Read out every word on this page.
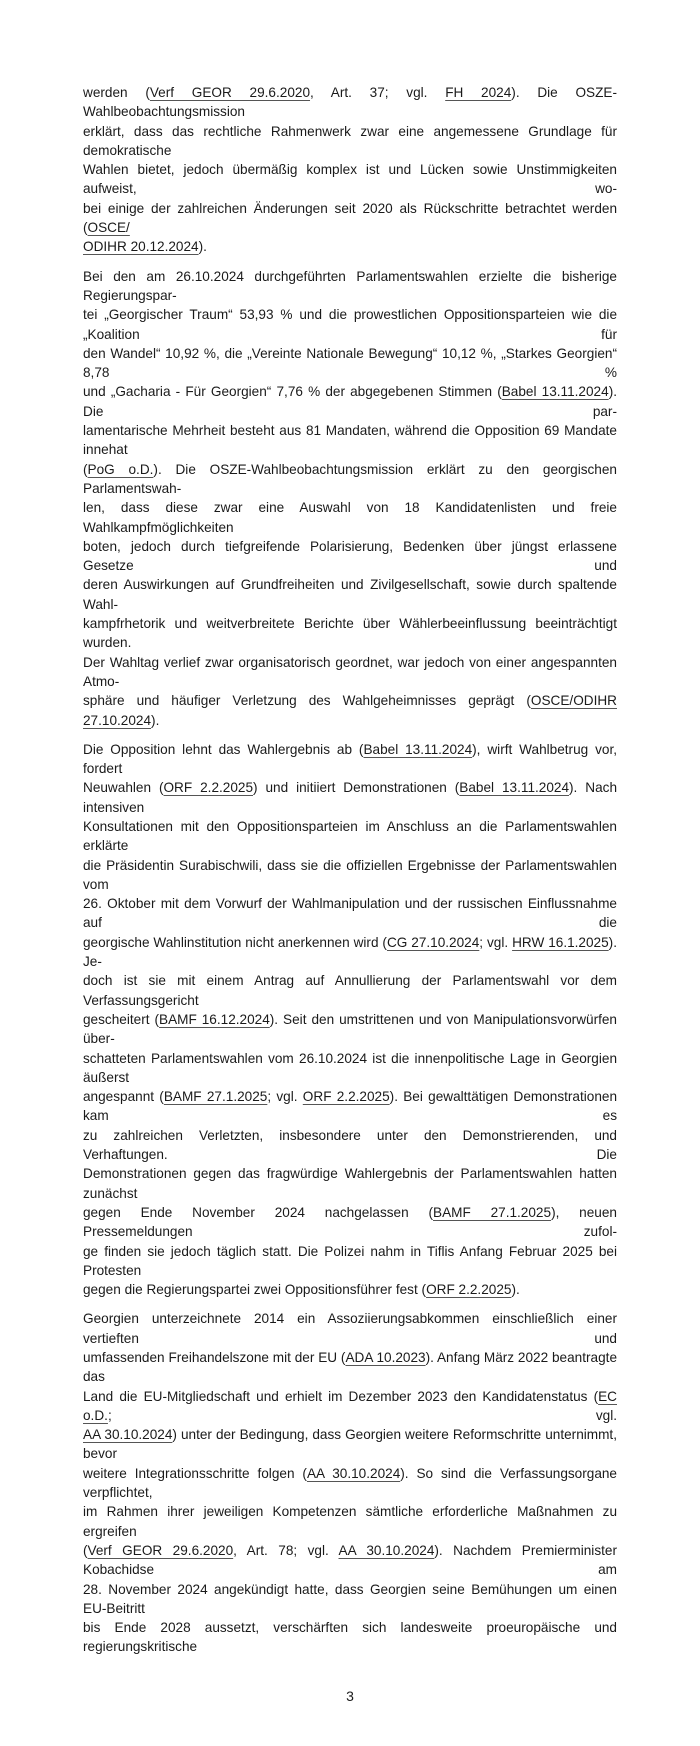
werden (Verf GEOR 29.6.2020, Art. 37; vgl. FH 2024). Die OSZE-Wahlbeobachtungsmission
erklärt, dass das rechtliche Rahmenwerk zwar eine angemessene Grundlage für demokratische
Wahlen bietet, jedoch übermäßig komplex ist und Lücken sowie Unstimmigkeiten aufweist, wo-
bei einige der zahlreichen Änderungen seit 2020 als Rückschritte betrachtet werden (OSCE/
ODIHR 20.12.2024).
Bei den am 26.10.2024 durchgeführten Parlamentswahlen erzielte die bisherige Regierungspar-
tei „Georgischer Traum“ 53,93 % und die prowestlichen Oppositionsparteien wie die „Koalition für
den Wandel“ 10,92 %, die „Vereinte Nationale Bewegung“ 10,12 %, „Starkes Georgien“ 8,78 %
und „Gacharia - Für Georgien“ 7,76 % der abgegebenen Stimmen (Babel 13.11.2024). Die par-
lamentarische Mehrheit besteht aus 81 Mandaten, während die Opposition 69 Mandate innehat
(PoG o.D.). Die OSZE-Wahlbeobachtungsmission erklärt zu den georgischen Parlamentswah-
len, dass diese zwar eine Auswahl von 18 Kandidatenlisten und freie Wahlkampfmöglichkeiten
boten, jedoch durch tiefgreifende Polarisierung, Bedenken über jüngst erlassene Gesetze und
deren Auswirkungen auf Grundfreiheiten und Zivilgesellschaft, sowie durch spaltende Wahl-
kampfrhetorik und weitverbreitete Berichte über Wählerbeeinflussung beeinträchtigt wurden.
Der Wahltag verlief zwar organisatorisch geordnet, war jedoch von einer angespannten Atmo-
sphäre und häufiger Verletzung des Wahlgeheimnisses geprägt (OSCE/ODIHR 27.10.2024).
Die Opposition lehnt das Wahlergebnis ab (Babel 13.11.2024), wirft Wahlbetrug vor, fordert
Neuwahlen (ORF 2.2.2025) und initiiert Demonstrationen (Babel 13.11.2024). Nach intensiven
Konsultationen mit den Oppositionsparteien im Anschluss an die Parlamentswahlen erklärte
die Präsidentin Surabischwili, dass sie die offiziellen Ergebnisse der Parlamentswahlen vom
26. Oktober mit dem Vorwurf der Wahlmanipulation und der russischen Einflussnahme auf die
georgische Wahlinstitution nicht anerkennen wird (CG 27.10.2024; vgl. HRW 16.1.2025). Je-
doch ist sie mit einem Antrag auf Annullierung der Parlamentswahl vor dem Verfassungsgericht
gescheitert (BAMF 16.12.2024). Seit den umstrittenen und von Manipulationsvorwürfen über-
schatteten Parlamentswahlen vom 26.10.2024 ist die innenpolitische Lage in Georgien äußerst
angespannt (BAMF 27.1.2025; vgl. ORF 2.2.2025). Bei gewalttätigen Demonstrationen kam es
zu zahlreichen Verletzten, insbesondere unter den Demonstrierenden, und Verhaftungen. Die
Demonstrationen gegen das fragwürdige Wahlergebnis der Parlamentswahlen hatten zunächst
gegen Ende November 2024 nachgelassen (BAMF 27.1.2025), neuen Pressemeldungen zufol-
ge finden sie jedoch täglich statt. Die Polizei nahm in Tiflis Anfang Februar 2025 bei Protesten
gegen die Regierungspartei zwei Oppositionsführer fest (ORF 2.2.2025).
Georgien unterzeichnete 2014 ein Assoziierungsabkommen einschließlich einer vertieften und
umfassenden Freihandelszone mit der EU (ADA 10.2023). Anfang März 2022 beantragte das
Land die EU-Mitgliedschaft und erhielt im Dezember 2023 den Kandidatenstatus (EC o.D.; vgl.
AA 30.10.2024) unter der Bedingung, dass Georgien weitere Reformschritte unternimmt, bevor
weitere Integrationsschritte folgen (AA 30.10.2024). So sind die Verfassungsorgane verpflichtet,
im Rahmen ihrer jeweiligen Kompetenzen sämtliche erforderliche Maßnahmen zu ergreifen
(Verf GEOR 29.6.2020, Art. 78; vgl. AA 30.10.2024). Nachdem Premierminister Kobachidse am
28. November 2024 angekündigt hatte, dass Georgien seine Bemühungen um einen EU-Beitritt
bis Ende 2028 aussetzt, verschärften sich landesweite proeuropäische und regierungskritische
3
